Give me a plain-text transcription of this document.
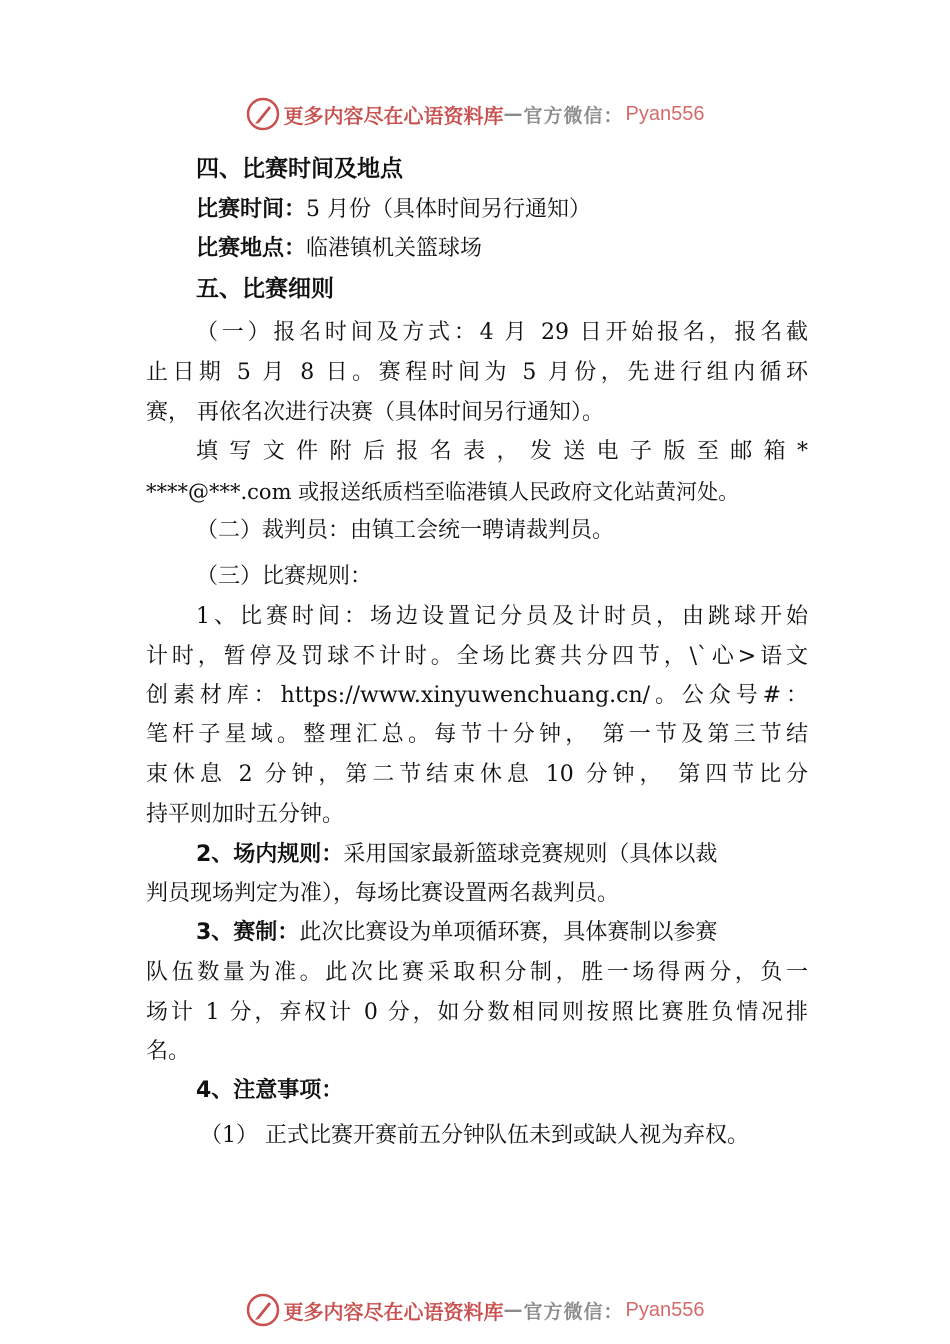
更多内容尽在心语资料库 — 官方微信： Pyan556
四、比赛时间及地点
比赛时间：5 月份（具体时间另行通知）
比赛地点：临港镇机关篮球场
五、比赛细则
（一）报名时间及方式：4 月 29 日开始报名，报名截
止日期 5 月 8 日。赛程时间为 5 月份，先进行组内循环
赛， 再依名次进行决赛（具体时间另行通知）。
填写文件附后报名表，发送电子版至邮箱*
****@***.com 或报送纸质档至临港镇人民政府文化站黄河处。
（二）裁判员：由镇工会统一聘请裁判员。
（三）比赛规则：
1、比赛时间：场边设置记分员及计时员，由跳球开始
计时，暂停及罚球不计时。全场比赛共分四节，\`心>语文
创素材库：https://www.xinyuwenchuang.cn/。公众号#：
笔杆子星域。整理汇总。每节十分钟， 第一节及第三节结
束休息 2 分钟，第二节结束休息 10 分钟， 第四节比分
持平则加时五分钟。
2、场内规则：采用国家最新篮球竞赛规则（具体以裁
判员现场判定为准），每场比赛设置两名裁判员。
3、赛制：此次比赛设为单项循环赛，具体赛制以参赛
队伍数量为准。此次比赛采取积分制，胜一场得两分，负一
场计 1 分，弃权计 0 分，如分数相同则按照比赛胜负情况排
名。
4、注意事项：
（1） 正式比赛开赛前五分钟队伍未到或缺人视为弃权。
更多内容尽在心语资料库 — 官方微信： Pyan556
